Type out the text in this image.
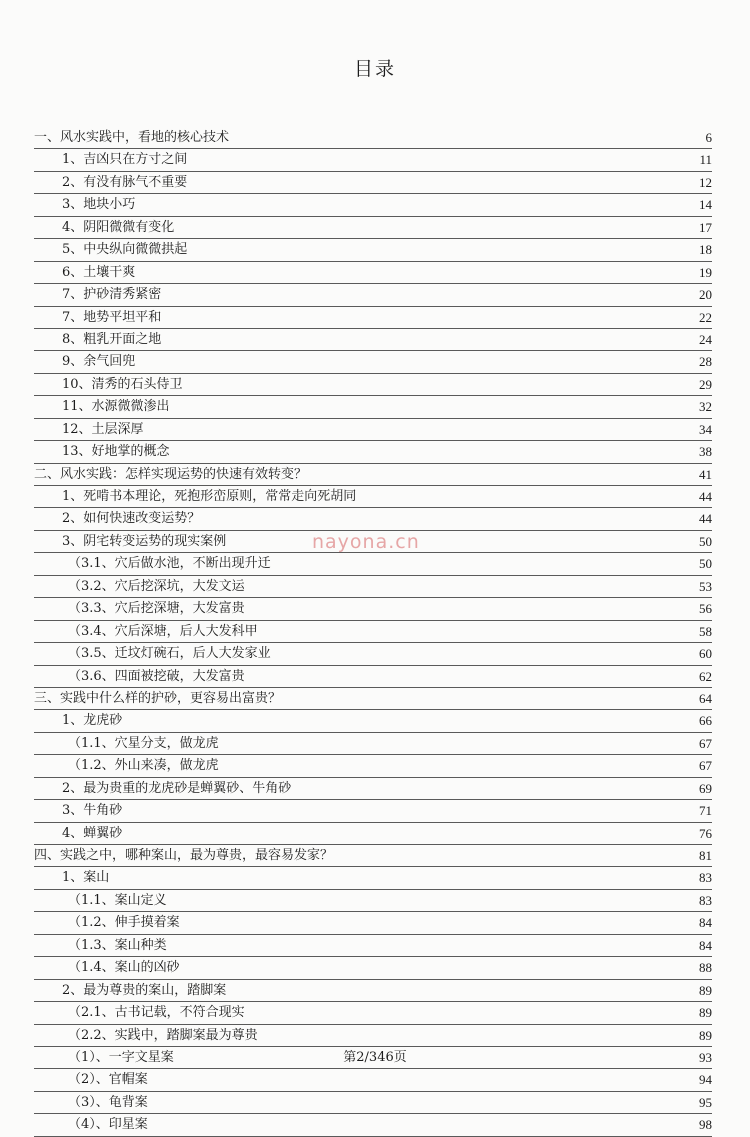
目录
一、风水实践中，看地的核心技术	6
1、吉凶只在方寸之间	11
2、有没有脉气不重要	12
3、地块小巧	14
4、阴阳微微有变化	17
5、中央纵向微微拱起	18
6、土壤干爽	19
7、护砂清秀紧密	20
7、地势平坦平和	22
8、粗乳开面之地	24
9、余气回兜	28
10、清秀的石头侍卫	29
11、水源微微渗出	32
12、土层深厚	34
13、好地掌的概念	38
二、风水实践：怎样实现运势的快速有效转变？	41
1、死啃书本理论，死抱形峦原则，常常走向死胡同	44
2、如何快速改变运势？	44
3、阴宅转变运势的现实案例	50
（3.1、穴后做水池，不断出现升迁	50
（3.2、穴后挖深坑，大发文运	53
（3.3、穴后挖深塘，大发富贵	56
（3.4、穴后深塘，后人大发科甲	58
（3.5、迁坟灯碗石，后人大发家业	60
（3.6、四面被挖破，大发富贵	62
三、实践中什么样的护砂，更容易出富贵？	64
1、龙虎砂	66
（1.1、穴星分支，做龙虎	67
（1.2、外山来凑，做龙虎	67
2、最为贵重的龙虎砂是蝉翼砂、牛角砂	69
3、牛角砂	71
4、蝉翼砂	76
四、实践之中，哪种案山，最为尊贵，最容易发家？	81
1、案山	83
（1.1、案山定义	83
（1.2、伸手摸着案	84
（1.3、案山种类	84
（1.4、案山的凶砂	88
2、最为尊贵的案山，踏脚案	89
（2.1、古书记载，不符合现实	89
（2.2、实践中，踏脚案最为尊贵	89
（1）、一字文星案	93
（2）、官帽案	94
（3）、龟背案	95
（4）、印星案	98
nayona.cn
第2/346页
